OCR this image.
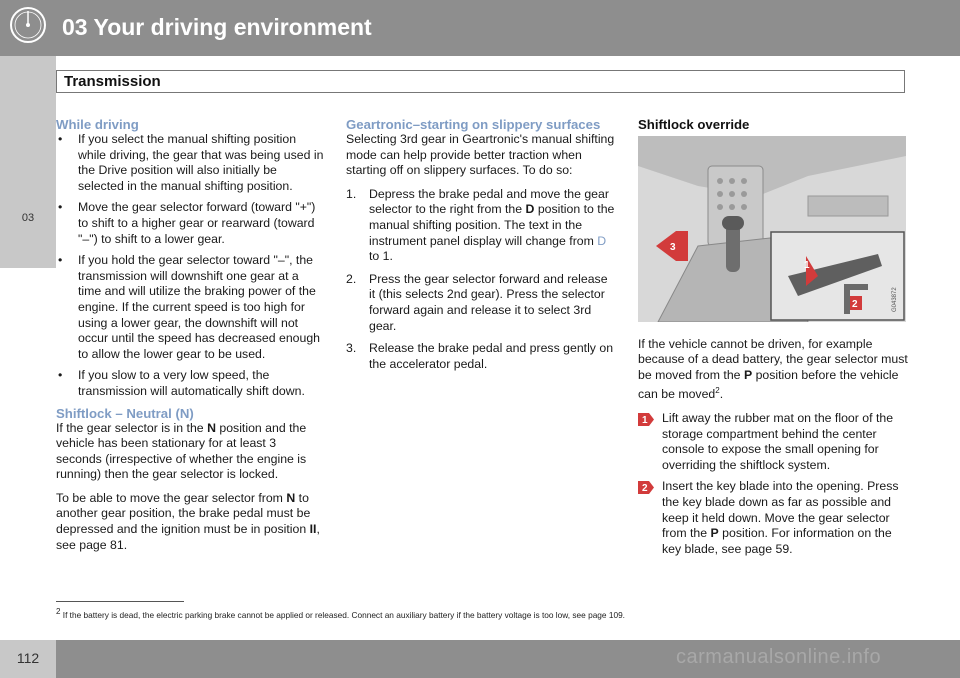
03 Your driving environment
03
Transmission
While driving
• If you select the manual shifting position while driving, the gear that was being used in the Drive position will also initially be selected in the manual shifting position.
• Move the gear selector forward (toward "+") to shift to a higher gear or rearward (toward "–") to shift to a lower gear.
• If you hold the gear selector toward "–", the transmission will downshift one gear at a time and will utilize the braking power of the engine. If the current speed is too high for using a lower gear, the downshift will not occur until the speed has decreased enough to allow the lower gear to be used.
• If you slow to a very low speed, the transmission will automatically shift down.
Shiftlock – Neutral (N)

If the gear selector is in the N position and the vehicle has been stationary for at least 3 seconds (irrespective of whether the engine is running) then the gear selector is locked.

To be able to move the gear selector from N to another gear position, the brake pedal must be depressed and the ignition must be in position II, see page 81.

Geartronic–starting on slippery surfaces

Selecting 3rd gear in Geartronic's manual shifting mode can help provide better traction when starting off on slippery surfaces. To do so:

1. Depress the brake pedal and move the gear selector to the right from the D position to the manual shifting position. The text in the instrument panel display will change from D to 1.
2. Press the gear selector forward and release it (this selects 2nd gear). Press the selector forward again and release it to select 3rd gear.
3. Release the brake pedal and press gently on the accelerator pedal.
Shiftlock override
1
2
3
G043872

If the vehicle cannot be driven, for example because of a dead battery, the gear selector must be moved from the P position before the vehicle can be moved$^2$.

1 Lift away the rubber mat on the floor of the storage compartment behind the center console to expose the small opening for overriding the shiftlock system.
2 Insert the key blade into the opening. Press the key blade down as far as possible and keep it held down. Move the gear selector from the P position. For information on the key blade, see page 59.
$^2$ If the battery is dead, the electric parking brake cannot be applied or released. Connect an auxiliary battery if the battery voltage is too low, see page 109.
112	carmanualsonline.info
